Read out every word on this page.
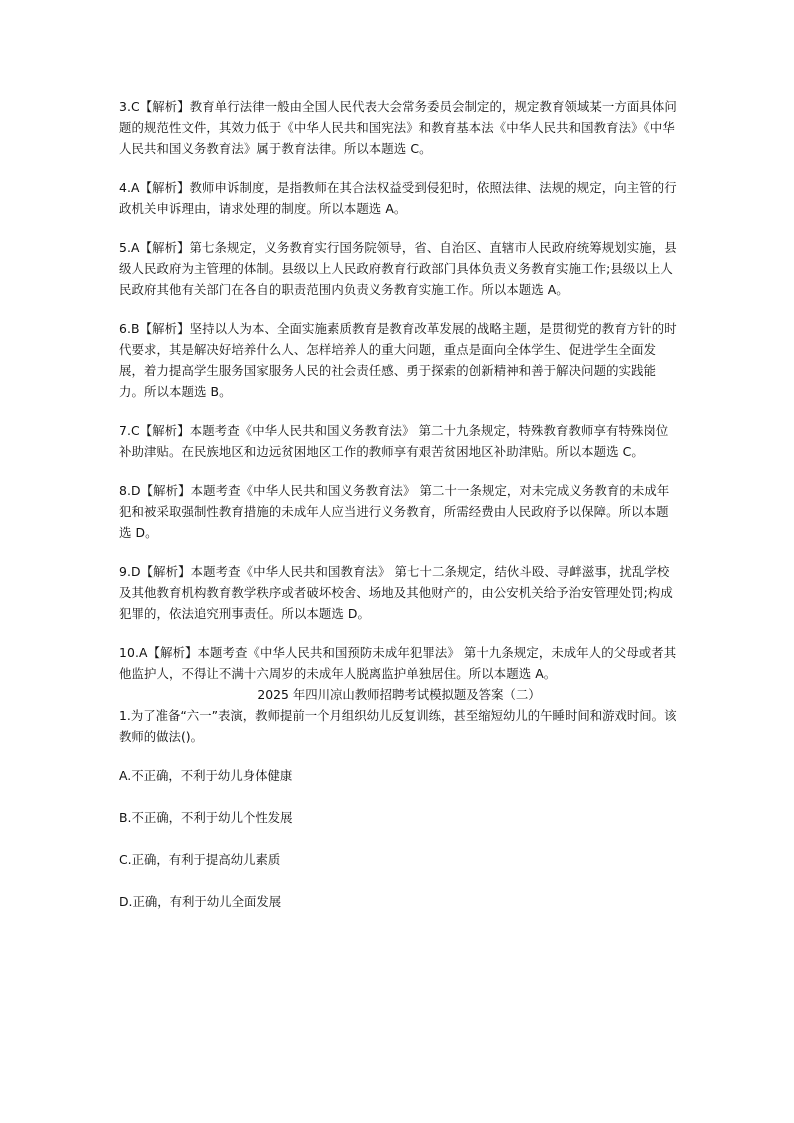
3.C【解析】教育单行法律一般由全国人民代表大会常务委员会制定的，规定教育领域某一方面具体问题的规范性文件，其效力低于《中华人民共和国宪法》和教育基本法《中华人民共和国教育法》《中华人民共和国义务教育法》属于教育法律。所以本题选 C。

4.A【解析】教师申诉制度，是指教师在其合法权益受到侵犯时，依照法律、法规的规定，向主管的行政机关申诉理由，请求处理的制度。所以本题选 A。

5.A【解析】第七条规定，义务教育实行国务院领导，省、自治区、直辖市人民政府统筹规划实施，县级人民政府为主管理的体制。县级以上人民政府教育行政部门具体负责义务教育实施工作;县级以上人民政府其他有关部门在各自的职责范围内负责义务教育实施工作。所以本题选 A。

6.B【解析】坚持以人为本、全面实施素质教育是教育改革发展的战略主题，是贯彻党的教育方针的时代要求，其是解决好培养什么人、怎样培养人的重大问题，重点是面向全体学生、促进学生全面发展，着力提高学生服务国家服务人民的社会责任感、勇于探索的创新精神和善于解决问题的实践能力。所以本题选 B。

7.C【解析】本题考查《中华人民共和国义务教育法》 第二十九条规定，特殊教育教师享有特殊岗位补助津贴。在民族地区和边远贫困地区工作的教师享有艰苦贫困地区补助津贴。所以本题选 C。

8.D【解析】本题考查《中华人民共和国义务教育法》 第二十一条规定，对未完成义务教育的未成年犯和被采取强制性教育措施的未成年人应当进行义务教育，所需经费由人民政府予以保障。所以本题选 D。

9.D【解析】本题考查《中华人民共和国教育法》 第七十二条规定，结伙斗殴、寻衅滋事，扰乱学校及其他教育机构教育教学秩序或者破坏校舍、场地及其他财产的，由公安机关给予治安管理处罚;构成犯罪的，依法追究刑事责任。所以本题选 D。

10.A【解析】本题考查《中华人民共和国预防未成年犯罪法》 第十九条规定，未成年人的父母或者其他监护人，不得让不满十六周岁的未成年人脱离监护单独居住。所以本题选 A。

2025 年四川凉山教师招聘考试模拟题及答案（二）

1.为了准备“六一”表演，教师提前一个月组织幼儿反复训练，甚至缩短幼儿的午睡时间和游戏时间。该教师的做法()。

A.不正确，不利于幼儿身体健康

B.不正确，不利于幼儿个性发展

C.正确，有利于提高幼儿素质

D.正确，有利于幼儿全面发展
